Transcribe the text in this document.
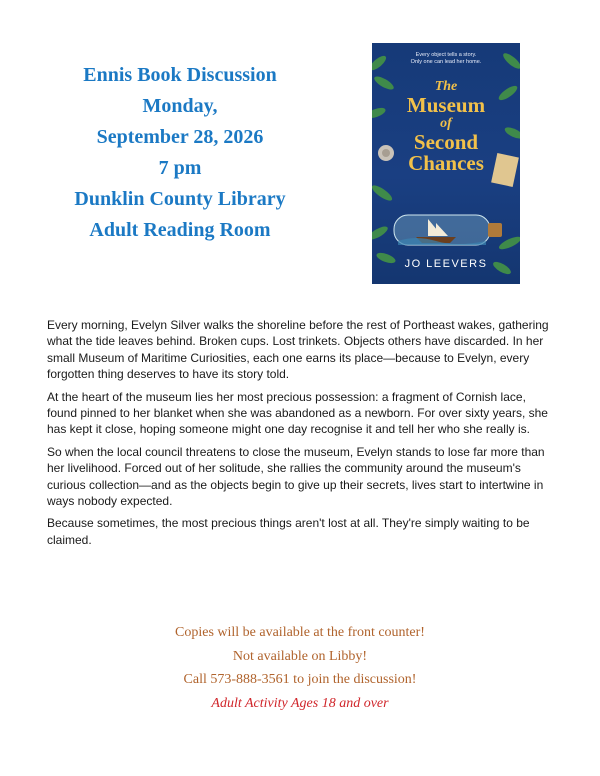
Ennis Book Discussion
Monday,
September 28, 2026
7 pm
Dunklin County Library
Adult Reading Room
Every object tells a story.
Only one can lead her home.
The
Museum
of
Second
Chances
JO LEEVERS

Every morning, Evelyn Silver walks the shoreline before the rest of Portheast wakes, gathering what the tide leaves behind. Broken cups. Lost trinkets. Objects others have discarded. In her small Museum of Maritime Curiosities, each one earns its place—because to Evelyn, every forgotten thing deserves to have its story told.

At the heart of the museum lies her most precious possession: a fragment of Cornish lace, found pinned to her blanket when she was abandoned as a newborn. For over sixty years, she has kept it close, hoping someone might one day recognise it and tell her who she really is.

So when the local council threatens to close the museum, Evelyn stands to lose far more than her livelihood. Forced out of her solitude, she rallies the community around the museum's curious collection—and as the objects begin to give up their secrets, lives start to intertwine in ways nobody expected.

Because sometimes, the most precious things aren't lost at all. They're simply waiting to be claimed.

Copies will be available at the front counter!
Not available on Libby!
Call 573-888-3561 to join the discussion!
Adult Activity Ages 18 and over
